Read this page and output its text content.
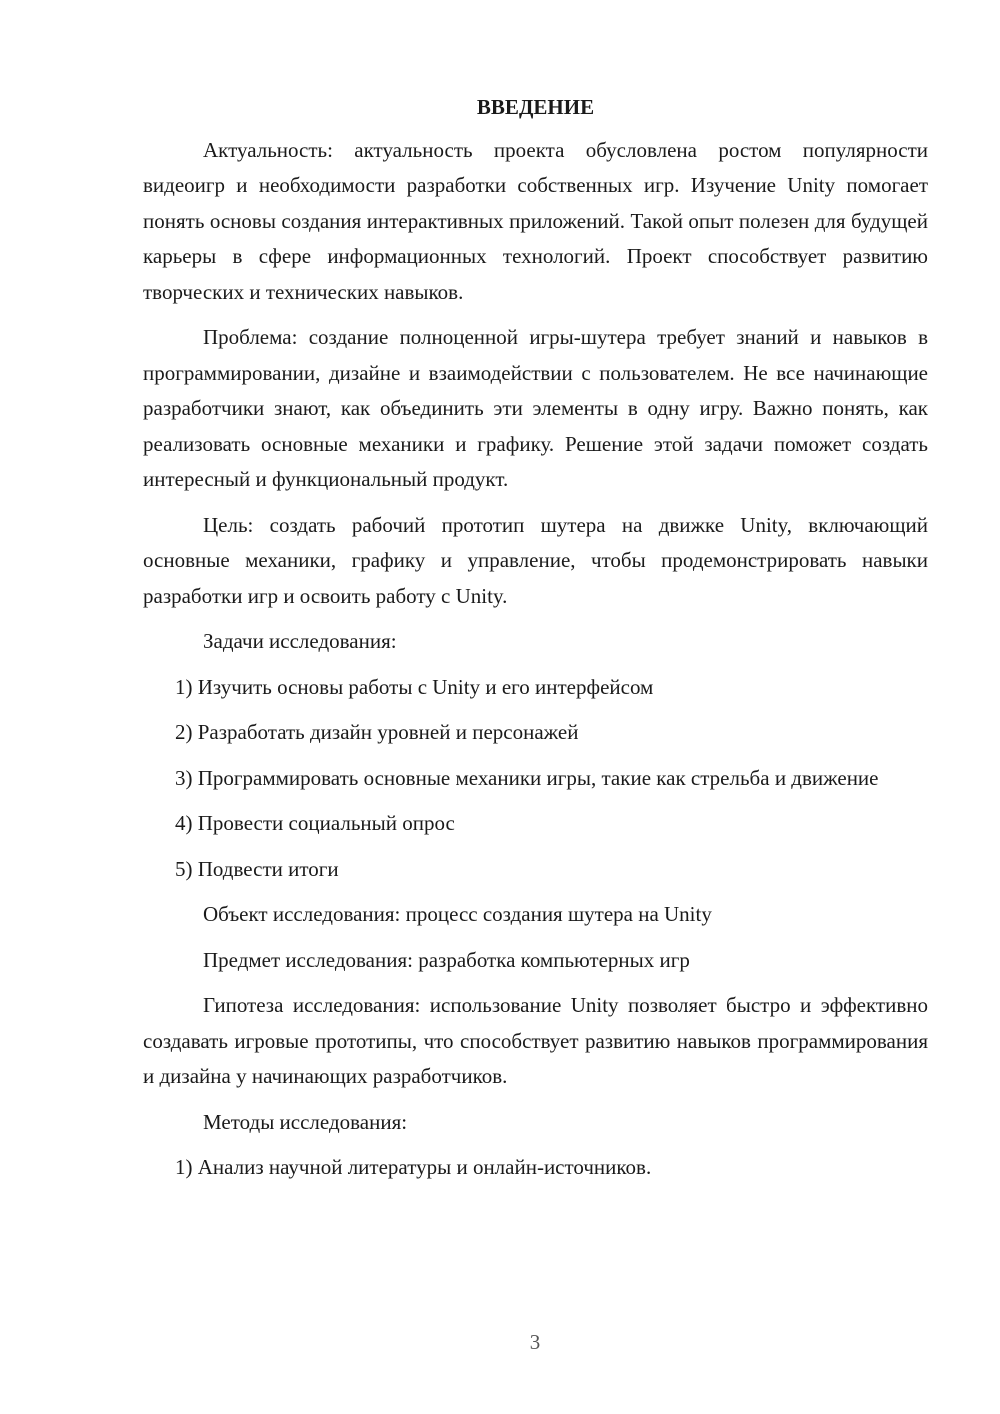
ВВЕДЕНИЕ

Актуальность: актуальность проекта обусловлена ростом популярности видеоигр и необходимости разработки собственных игр. Изучение Unity помогает понять основы создания интерактивных приложений. Такой опыт полезен для будущей карьеры в сфере информационных технологий. Проект способствует развитию творческих и технических навыков.

Проблема: создание полноценной игры-шутера требует знаний и навыков в программировании, дизайне и взаимодействии с пользователем. Не все начинающие разработчики знают, как объединить эти элементы в одну игру. Важно понять, как реализовать основные механики и графику. Решение этой задачи поможет создать интересный и функциональный продукт.

Цель: создать рабочий прототип шутера на движке Unity, включающий основные механики, графику и управление, чтобы продемонстрировать навыки разработки игр и освоить работу с Unity.

Задачи исследования:

1) Изучить основы работы с Unity и его интерфейсом

2) Разработать дизайн уровней и персонажей

3) Программировать основные механики игры, такие как стрельба и движение

4) Провести социальный опрос

5) Подвести итоги

Объект исследования: процесс создания шутера на Unity

Предмет исследования: разработка компьютерных игр

Гипотеза исследования: использование Unity позволяет быстро и эффективно создавать игровые прототипы, что способствует развитию навыков программирования и дизайна у начинающих разработчиков.

Методы исследования:

1) Анализ научной литературы и онлайн-источников.

3
